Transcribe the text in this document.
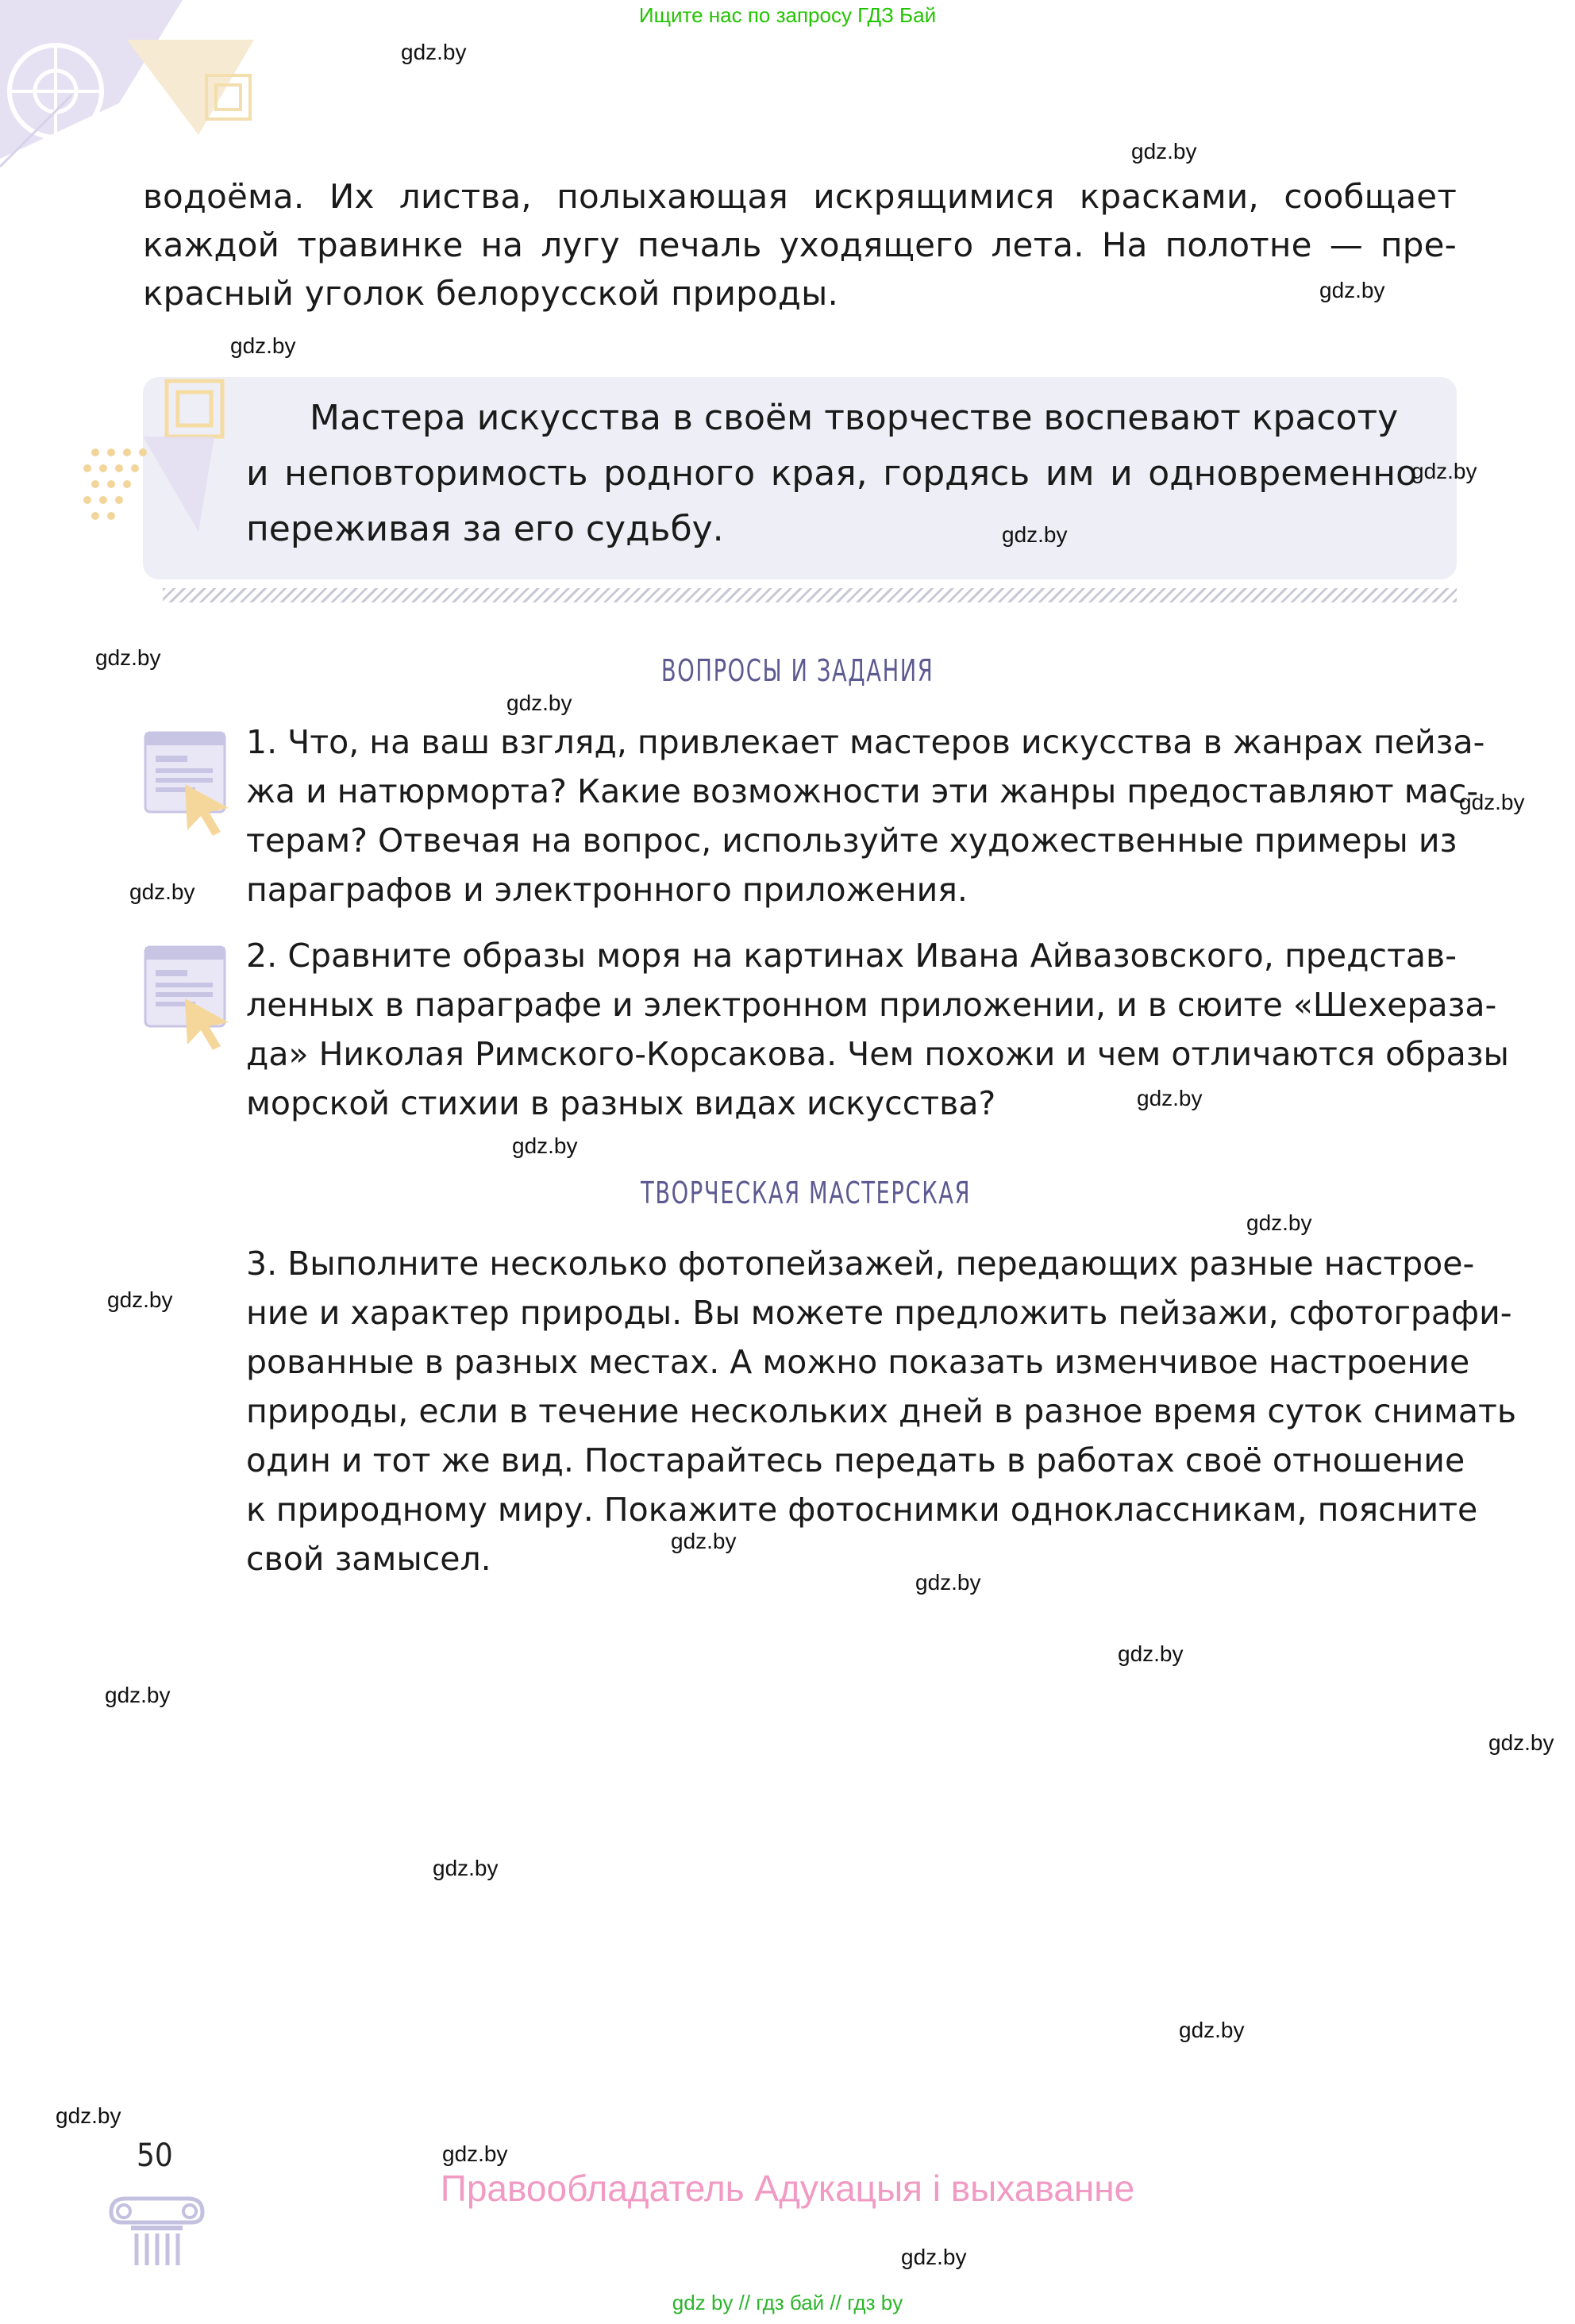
Ищите нас по запросу ГДЗ Бай
водоёма. Их листва, полыхающая искрящимися красками, сообщает
каждой травинке на лугу печаль уходящего лета. На полотне — пре-
красный уголок белорусской природы.
Мастера искусства в своём творчестве воспевают красоту
и неповторимость родного края, гордясь им и одновременно
переживая за его судьбу.
ВОПРОСЫ И ЗАДАНИЯ
1. Что, на ваш взгляд, привлекает мастеров искусства в жанрах пейза-
жа и натюрморта? Какие возможности эти жанры предоставляют мас-
терам? Отвечая на вопрос, используйте художественные примеры из
параграфов и электронного приложения.
2. Сравните образы моря на картинах Ивана Айвазовского, представ-
ленных в параграфе и электронном приложении, и в сюите «Шехераза-
да» Николая Римского-Корсакова. Чем похожи и чем отличаются образы
морской стихии в разных видах искусства?
ТВОРЧЕСКАЯ МАСТЕРСКАЯ
3. Выполните несколько фотопейзажей, передающих разные настрое-
ние и характер природы. Вы можете предложить пейзажи, сфотографи-
рованные в разных местах. А можно показать изменчивое настроение
природы, если в течение нескольких дней в разное время суток снимать
один и тот же вид. Постарайтесь передать в работах своё отношение
к природному миру. Покажите фотоснимки одноклассникам, поясните
свой замысел.
gdz.by
gdz.by
gdz.by
gdz.by
gdz.by
gdz.by
gdz.by
gdz.by
gdz.by
gdz.by
gdz.by
gdz.by
gdz.by
gdz.by
gdz.by
gdz.by
gdz.by
gdz.by
gdz.by
gdz.by
gdz.by
gdz.by
gdz.by
gdz.by
50
Правообладатель Адукацыя і выхаванне
gdz by // гдз бай // гдз by
